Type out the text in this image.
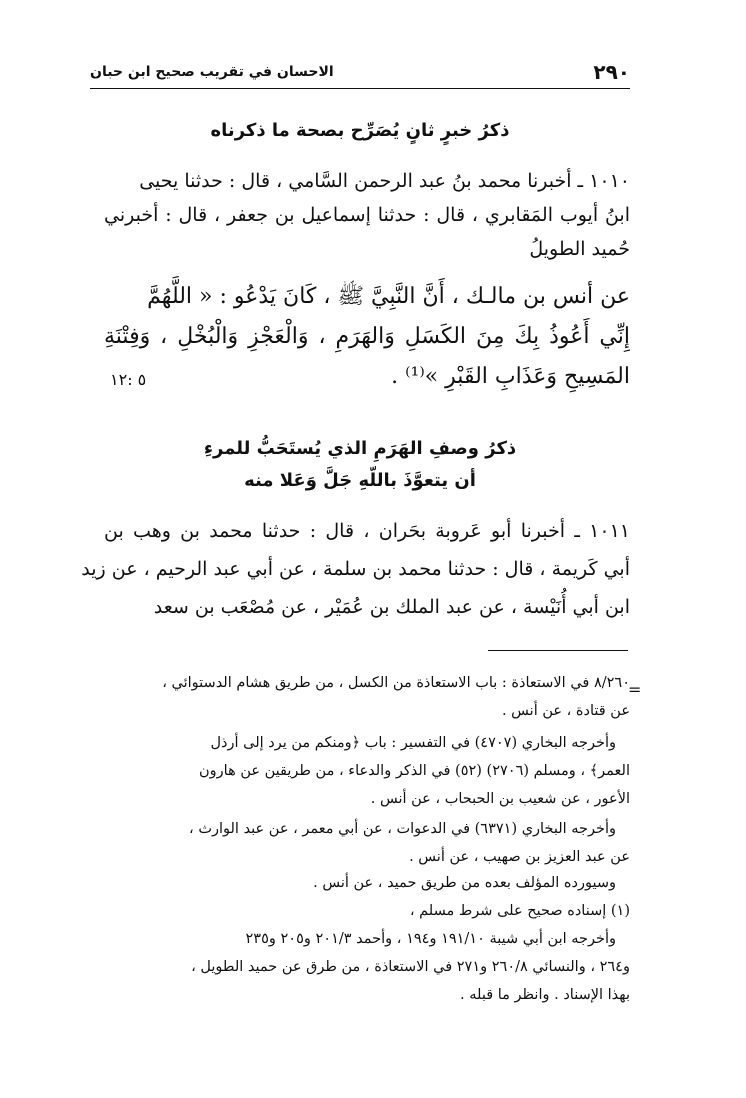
٢٩٠
الاحسان في تقريب صحيح ابن حبان
ذكرُ خبرٍ ثانٍ يُصَرِّح بصحة ما ذكرناه
١٠١٠ ـ أخبرنا محمد بنُ عبد الرحمن السَّامي ، قال : حدثنا يحيى
ابنُ أيوب المَقابري ، قال : حدثنا إسماعيل بن جعفر ، قال : أخبرني
حُميد الطويلُ
عن أنس بن مالـك ، أَنَّ النَّبِيَّ ﷺ ، كَانَ يَدْعُو : « اللَّهُمَّ
إِنِّي أَعُوذُ بِكَ مِنَ الكَسَلِ وَالهَرَمِ ، وَالْعَجْزِ وَالْبُخْلِ ، وَفِتْنَةِ
المَسِيحِ وَعَذَابِ القَبْرِ »⁽¹⁾ .
٥ :١٢
ذكرُ وصفِ الهَرَمِ الذي يُستَحَبُّ للمرءِ
أن يتعوَّذَ باللّهِ جَلَّ وَعَلا منه
١٠١١ ـ أخبرنا أبو عَروبة بحَران ، قال : حدثنا محمد بن وهب بن
أبي كَريمة ، قال : حدثنا محمد بن سلمة ، عن أبي عبد الرحيم ، عن زيد
ابن أبي أُنَيْسة ، عن عبد الملك بن عُمَيْر ، عن مُصْعَب بن سعد
=
٨/٢٦٠ في الاستعاذة : باب الاستعاذة من الكسل ، من طريق هشام الدستوائي ،
عن قتادة ، عن أنس .
وأخرجه البخاري (٤٧٠٧) في التفسير : باب ﴿ومنكم من يرد إلى أرذل
العمر﴾ ، ومسلم (٢٧٠٦) (٥٢) في الذكر والدعاء ، من طريقين عن هارون
الأعور ، عن شعيب بن الحبحاب ، عن أنس .
وأخرجه البخاري (٦٣٧١) في الدعوات ، عن أبي معمر ، عن عبد الوارث ،
عن عبد العزيز بن صهيب ، عن أنس .
وسيورده المؤلف بعده من طريق حميد ، عن أنس .
(١) إسناده صحيح على شرط مسلم ،
وأخرجه ابن أبي شيبة ١٩١/١٠ و١٩٤ ، وأحمد ٢٠١/٣ و٢٠٥ و٢٣٥
و٢٦٤ ، والنسائي ٢٦٠/٨ و٢٧١ في الاستعاذة ، من طرق عن حميد الطويل ،
بهذا الإسناد . وانظر ما قبله .
